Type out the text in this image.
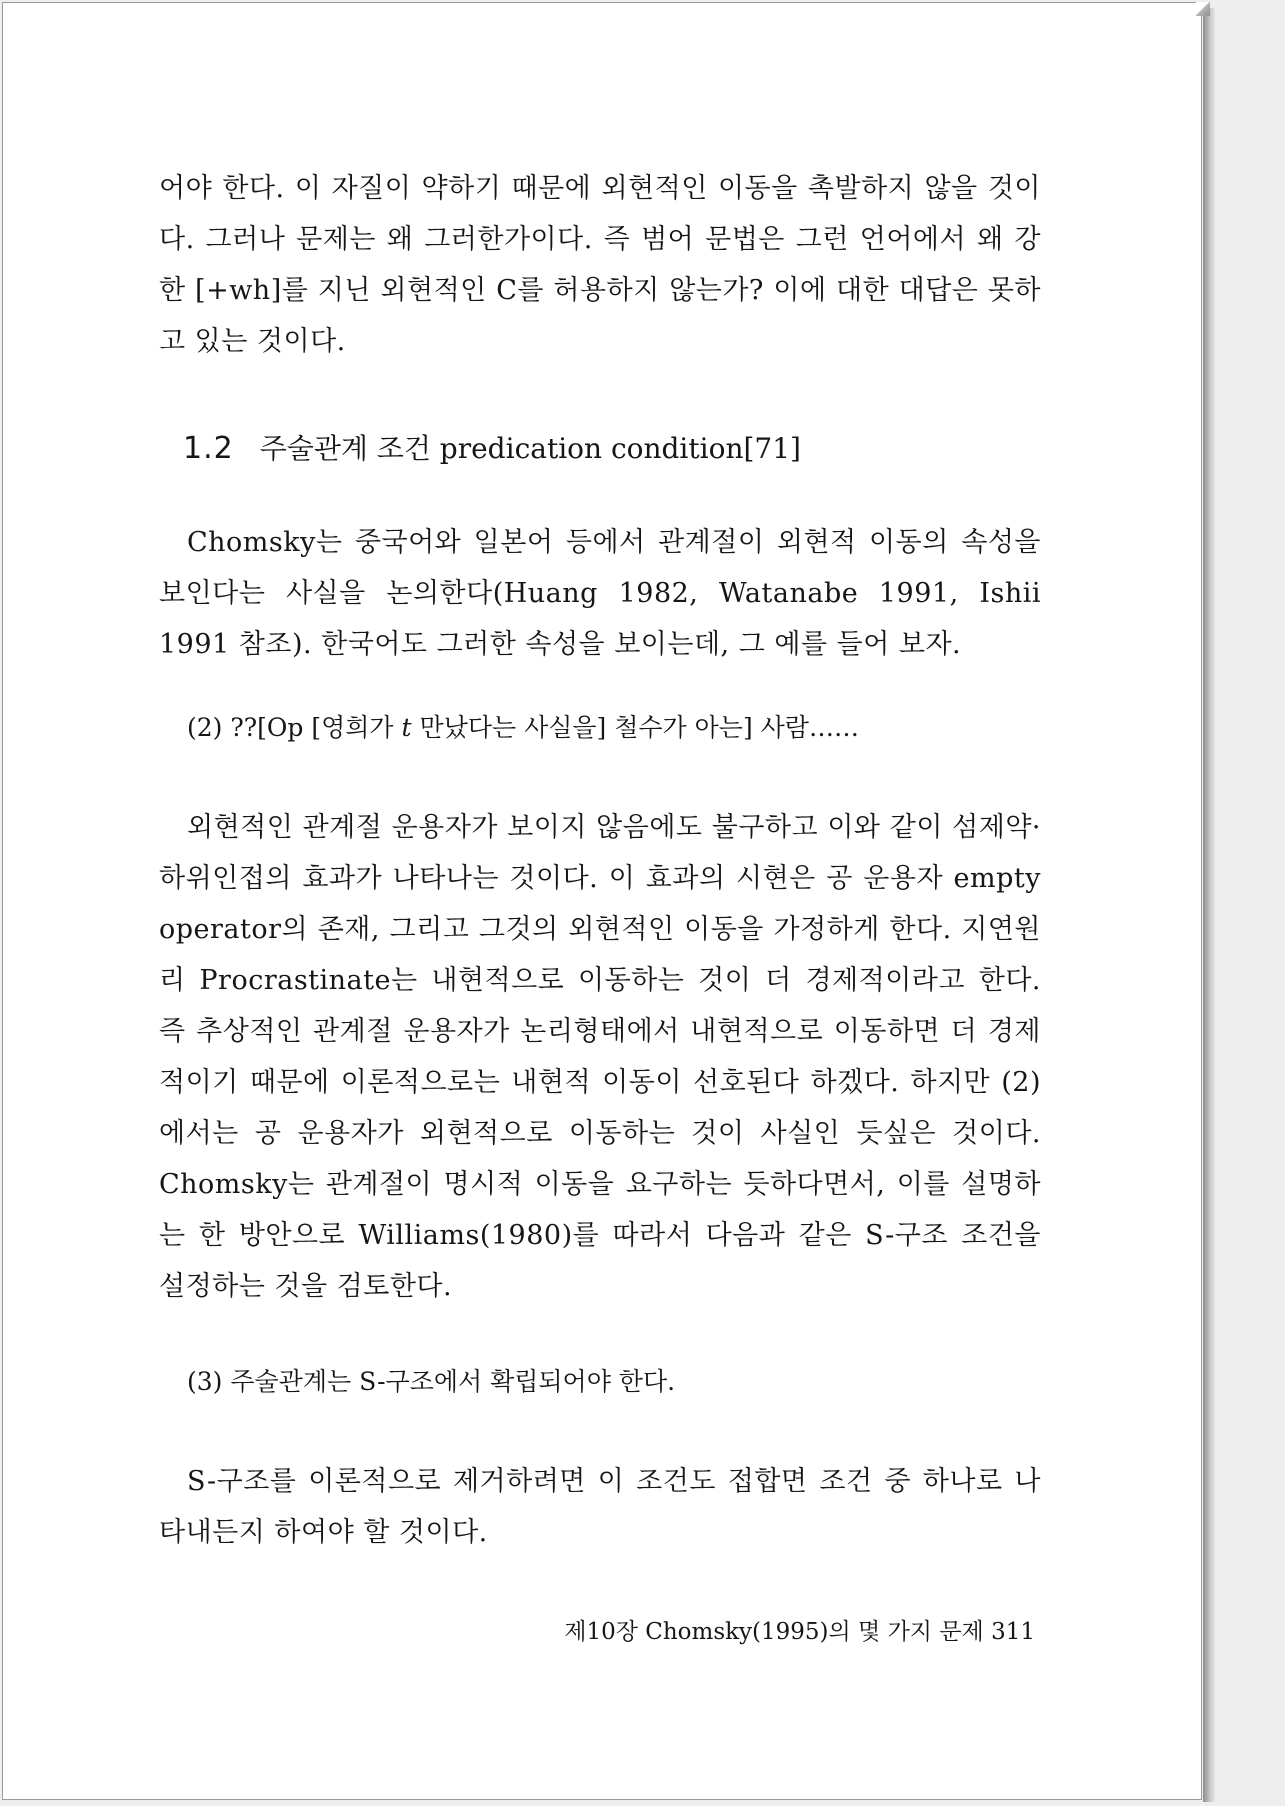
어야 한다. 이 자질이 약하기 때문에 외현적인 이동을 촉발하지 않을 것이다. 그러나 문제는 왜 그러한가이다. 즉 범어 문법은 그런 언어에서 왜 강한 [+wh]를 지닌 외현적인 C를 허용하지 않는가? 이에 대한 대답은 못하고 있는 것이다.

1.2 주술관계 조건 predication condition[71]

Chomsky는 중국어와 일본어 등에서 관계절이 외현적 이동의 속성을 보인다는 사실을 논의한다(Huang 1982, Watanabe 1991, Ishii 1991 참조). 한국어도 그러한 속성을 보이는데, 그 예를 들어 보자.

(2) ??[Op [영희가 t 만났다는 사실을] 철수가 아는] 사람……

외현적인 관계절 운용자가 보이지 않음에도 불구하고 이와 같이 섬제약·하위인접의 효과가 나타나는 것이다. 이 효과의 시현은 공 운용자 empty operator의 존재, 그리고 그것의 외현적인 이동을 가정하게 한다. 지연원리 Procrastinate는 내현적으로 이동하는 것이 더 경제적이라고 한다. 즉 추상적인 관계절 운용자가 논리형태에서 내현적으로 이동하면 더 경제적이기 때문에 이론적으로는 내현적 이동이 선호된다 하겠다. 하지만 (2)에서는 공 운용자가 외현적으로 이동하는 것이 사실인 듯싶은 것이다. Chomsky는 관계절이 명시적 이동을 요구하는 듯하다면서, 이를 설명하는 한 방안으로 Williams(1980)를 따라서 다음과 같은 S-구조 조건을 설정하는 것을 검토한다.

(3) 주술관계는 S-구조에서 확립되어야 한다.

S-구조를 이론적으로 제거하려면 이 조건도 접합면 조건 중 하나로 나타내든지 하여야 할 것이다.

제10장 Chomsky(1995)의 몇 가지 문제 311
